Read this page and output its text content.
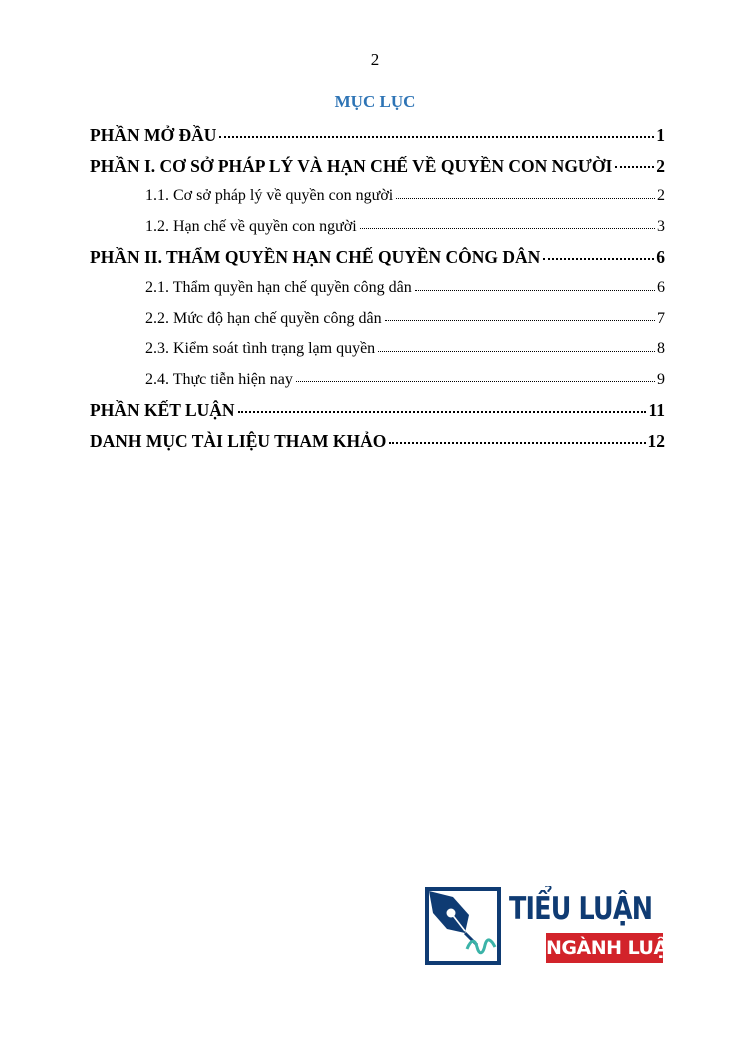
2
MỤC LỤC
PHẦN MỞ ĐẦU	1
PHẦN I. CƠ SỞ PHÁP LÝ VÀ HẠN CHẾ VỀ QUYỀN CON NGƯỜI	2
1.1. Cơ sở pháp lý về quyền con người	2
1.2. Hạn chế về quyền con người	3
PHẦN II. THẨM QUYỀN HẠN CHẾ QUYỀN CÔNG DÂN	6
2.1. Thẩm quyền hạn chế quyền công dân	6
2.2. Mức độ hạn chế quyền công dân	7
2.3. Kiểm soát tình trạng lạm quyền	8
2.4. Thực tiễn hiện nay	9
PHẦN KẾT LUẬN	11
DANH MỤC TÀI LIỆU THAM KHẢO	12
TIỂU LUẬN
NGÀNH LUẬT
